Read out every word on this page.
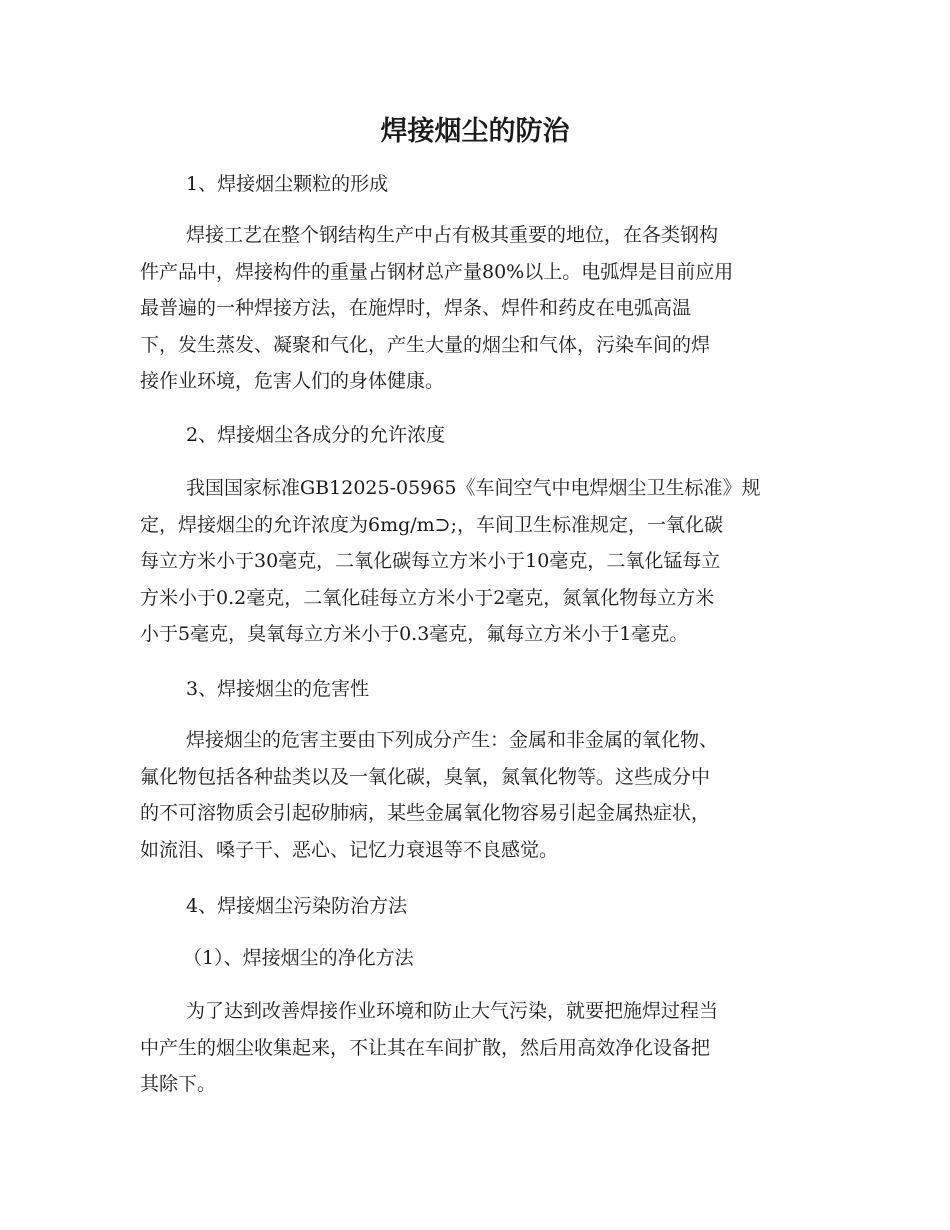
焊接烟尘的防治
1、焊接烟尘颗粒的形成
焊接工艺在整个钢结构生产中占有极其重要的地位，在各类钢构
件产品中，焊接构件的重量占钢材总产量80%以上。电弧焊是目前应用
最普遍的一种焊接方法，在施焊时，焊条、焊件和药皮在电弧高温
下，发生蒸发、凝聚和气化，产生大量的烟尘和气体，污染车间的焊
接作业环境，危害人们的身体健康。
2、焊接烟尘各成分的允许浓度
我国国家标准GB12025-05965《车间空气中电焊烟尘卫生标准》规
定，焊接烟尘的允许浓度为6mg/m⊃;，车间卫生标准规定，一氧化碳
每立方米小于30毫克，二氧化碳每立方米小于10毫克，二氧化锰每立
方米小于0.2毫克，二氧化硅每立方米小于2毫克，氮氧化物每立方米
小于5毫克，臭氧每立方米小于0.3毫克，氟每立方米小于1毫克。
3、焊接烟尘的危害性
焊接烟尘的危害主要由下列成分产生：金属和非金属的氧化物、
氟化物包括各种盐类以及一氧化碳，臭氧，氮氧化物等。这些成分中
的不可溶物质会引起矽肺病，某些金属氧化物容易引起金属热症状，
如流泪、嗓子干、恶心、记忆力衰退等不良感觉。
4、焊接烟尘污染防治方法
（1）、焊接烟尘的净化方法
为了达到改善焊接作业环境和防止大气污染，就要把施焊过程当
中产生的烟尘收集起来，不让其在车间扩散，然后用高效净化设备把
其除下。
